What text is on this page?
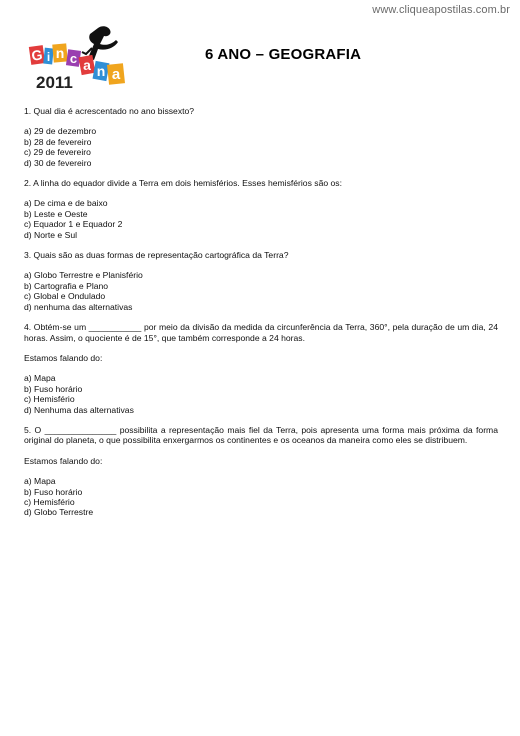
www.cliqueapostilas.com.br
G i n c a n a
2011
6 ANO – GEOGRAFIA
1. Qual dia é acrescentado no ano bissexto?
a) 29 de dezembro
b) 28 de fevereiro
c) 29 de fevereiro
d) 30 de fevereiro
2. A linha do equador divide a Terra em dois hemisférios. Esses hemisférios são os:
a) De cima e de baixo
b) Leste e Oeste
c) Equador 1 e Equador 2
d) Norte e Sul
3. Quais são as duas formas de representação cartográfica da Terra?
a) Globo Terrestre e Planisfério
b) Cartografia e Plano
c) Global e Ondulado
d) nenhuma das alternativas
4. Obtém-se um ___________ por meio da divisão da medida da circunferência da Terra, 360°, pela duração de um dia, 24 horas. Assim, o quociente é de 15°, que também corresponde a 24 horas.
Estamos falando do:
a) Mapa
b) Fuso horário
c) Hemisfério
d) Nenhuma das alternativas
5. O _______________ possibilita a representação mais fiel da Terra, pois apresenta uma forma mais próxima da forma original do planeta, o que possibilita enxergarmos os continentes e os oceanos da maneira como eles se distribuem.
Estamos falando do:
a) Mapa
b) Fuso horário
c) Hemisfério
d) Globo Terrestre
